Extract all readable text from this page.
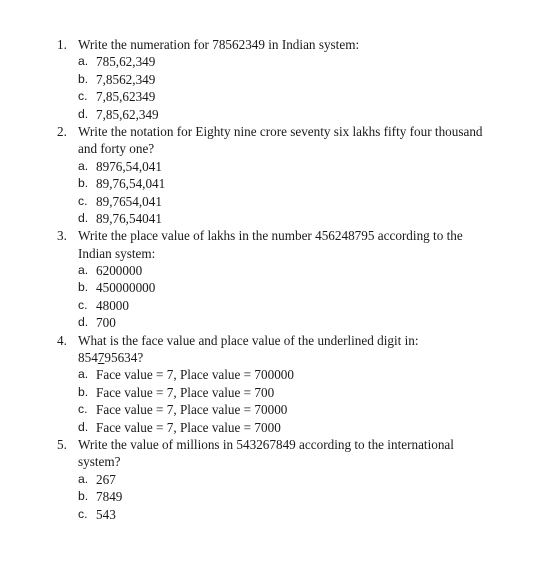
1. Write the numeration for 78562349 in Indian system:
a. 785,62,349
b. 7,8562,349
c. 7,85,62349
d. 7,85,62,349
2. Write the notation for Eighty nine crore seventy six lakhs fifty four thousand
and forty one?
a. 8976,54,041
b. 89,76,54,041
c. 89,7654,041
d. 89,76,54041
3. Write the place value of lakhs in the number 456248795 according to the
Indian system:
a. 6200000
b. 450000000
c. 48000
d. 700
4. What is the face value and place value of the underlined digit in:
854795634?
a. Face value = 7, Place value = 700000
b. Face value = 7, Place value = 700
c. Face value = 7, Place value = 70000
d. Face value = 7, Place value = 7000
5. Write the value of millions in 543267849 according to the international
system?
a. 267
b. 7849
c. 543
